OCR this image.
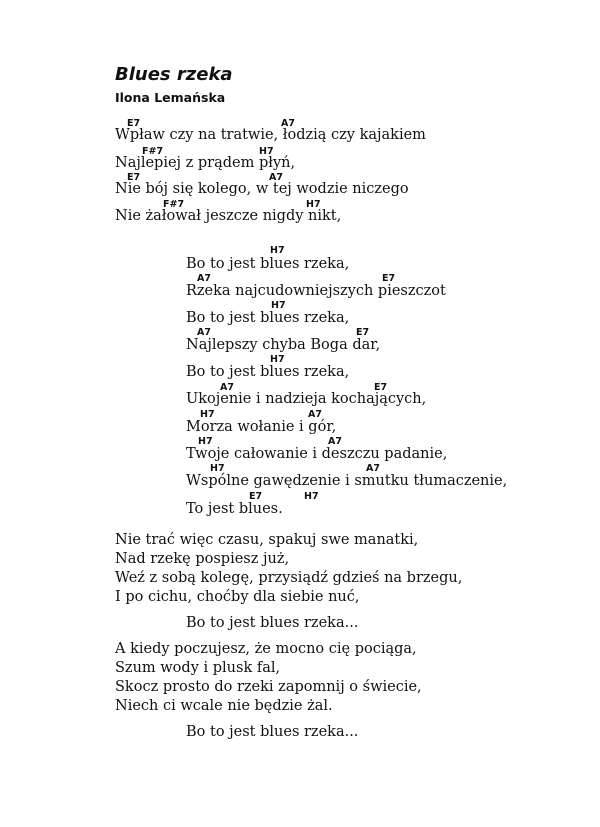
Blues rzeka
Ilona Lemańska
E7	A7
Wpław czy na tratwie, łodzią czy kajakiem
F#7	H7
Najlepiej z prądem płyń,
E7	A7
Nie bój się kolego, w tej wodzie niczego
F#7	H7
Nie żałował jeszcze nigdy nikt,
H7
Bo to jest blues rzeka,
A7	E7
Rzeka najcudowniejszych pieszczot
H7
Bo to jest blues rzeka,
A7	E7
Najlepszy chyba Boga dar,
H7
Bo to jest blues rzeka,
A7	E7
Ukojenie i nadzieja kochających,
H7	A7
Morza wołanie i gór,
H7	A7
Twoje całowanie i deszczu padanie,
H7	A7
Wspólne gawędzenie i smutku tłumaczenie,
E7	H7
To jest blues.
Nie trać więc czasu, spakuj swe manatki,
Nad rzekę pospiesz już,
Weź z sobą kolegę, przysiądź gdzieś na brzegu,
I po cichu, choćby dla siebie nuć,
Bo to jest blues rzeka...
A kiedy poczujesz, że mocno cię pociąga,
Szum wody i plusk fal,
Skocz prosto do rzeki zapomnij o świecie,
Niech ci wcale nie będzie żal.
Bo to jest blues rzeka...
